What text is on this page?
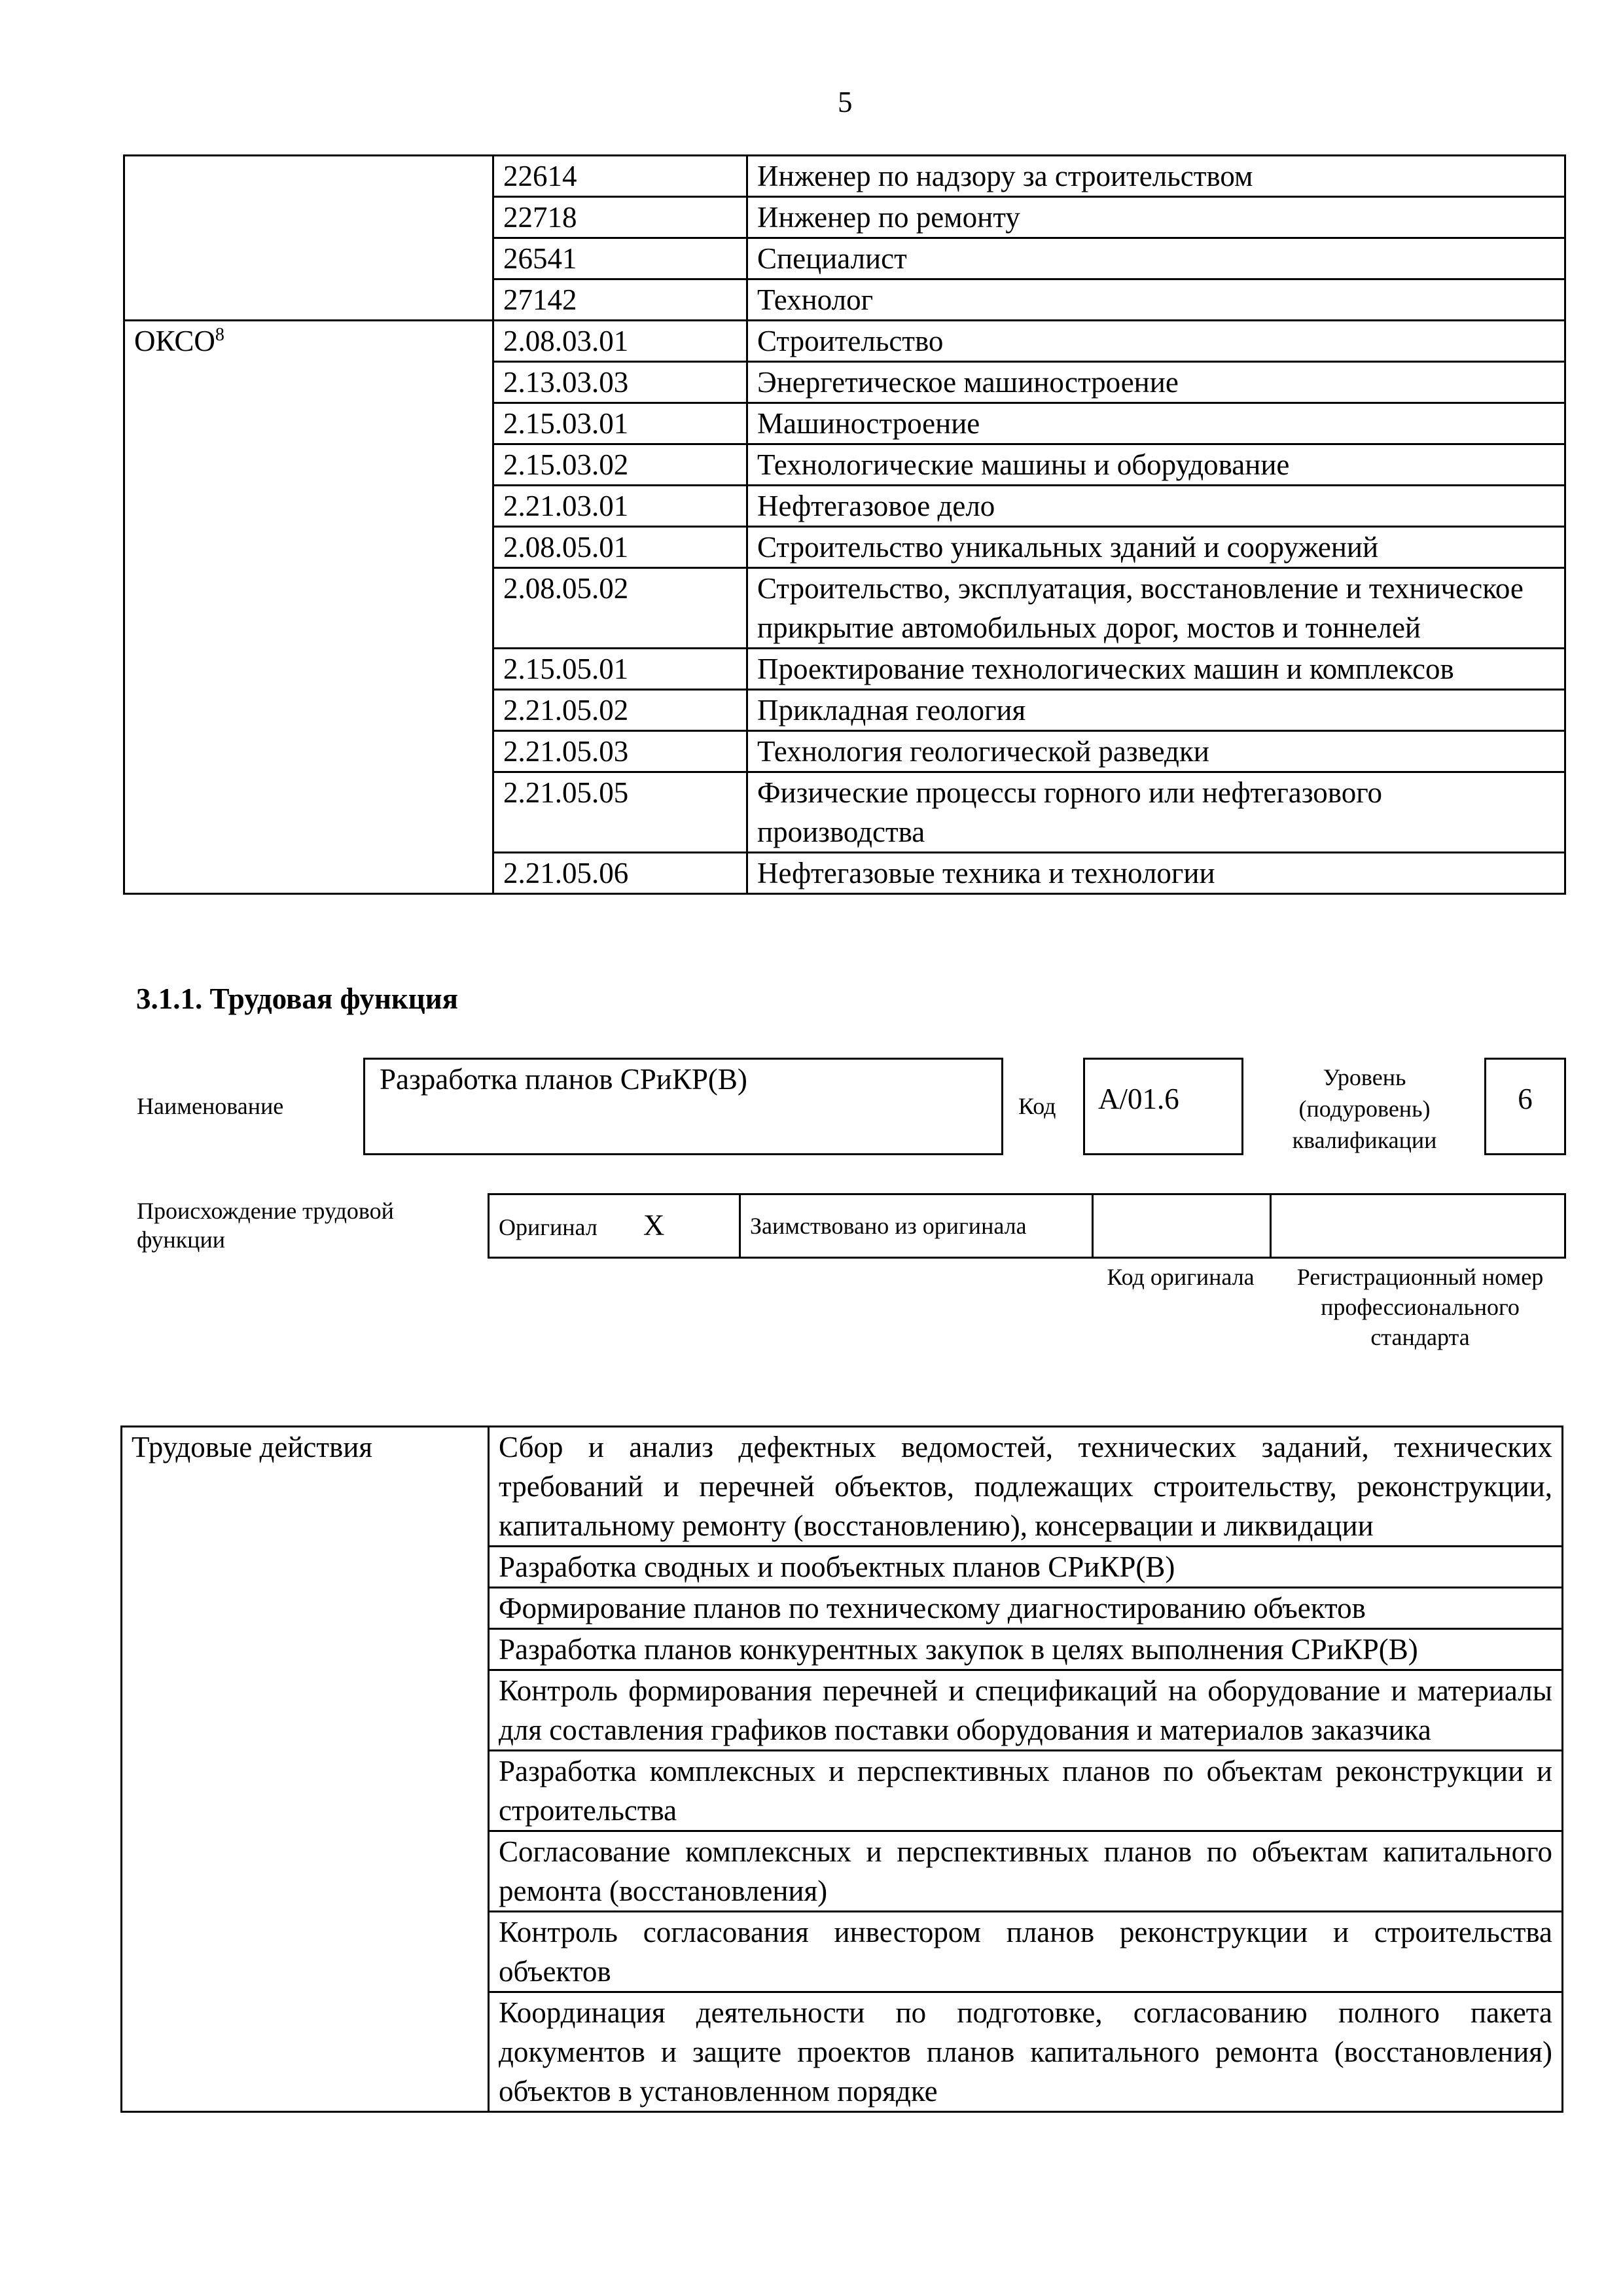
5
	22614	Инженер по надзору за строительством
	22718	Инженер по ремонту
	26541	Специалист
	27142	Технолог
ОКСО$^8$	2.08.03.01	Строительство
	2.13.03.03	Энергетическое машиностроение
	2.15.03.01	Машиностроение
	2.15.03.02	Технологические машины и оборудование
	2.21.03.01	Нефтегазовое дело
	2.08.05.01	Строительство уникальных зданий и сооружений
	2.08.05.02	Строительство, эксплуатация, восстановление и техническое прикрытие автомобильных дорог, мостов и тоннелей
	2.15.05.01	Проектирование технологических машин и комплексов
	2.21.05.02	Прикладная геология
	2.21.05.03	Технология геологической разведки
	2.21.05.05	Физические процессы горного или нефтегазового производства
	2.21.05.06	Нефтегазовые техника и технологии
3.1.1. Трудовая функция
Наименование
Разработка планов СРиКР(В)
Код	А/01.6
Уровень
(подуровень)
квалификации
6
Происхождение трудовой функции	Оригинал X	Заимствовано из оригинала		
Код оригинала	Регистрационный номер профессионального стандарта
Трудовые действия	Сбор и анализ дефектных ведомостей, технических заданий, технических требований и перечней объектов, подлежащих строительству, реконструкции, капитальному ремонту (восстановлению), консервации и ликвидации
Разработка сводных и пообъектных планов СРиКР(В)
Формирование планов по техническому диагностированию объектов
Разработка планов конкурентных закупок в целях выполнения СРиКР(В)
Контроль формирования перечней и спецификаций на оборудование и материалы для составления графиков поставки оборудования и материалов заказчика
Разработка комплексных и перспективных планов по объектам реконструкции и строительства
Согласование комплексных и перспективных планов по объектам капитального ремонта (восстановления)
Контроль согласования инвестором планов реконструкции и строительства объектов
Координация деятельности по подготовке, согласованию полного пакета документов и защите проектов планов капитального ремонта (восстановления) объектов в установленном порядке
